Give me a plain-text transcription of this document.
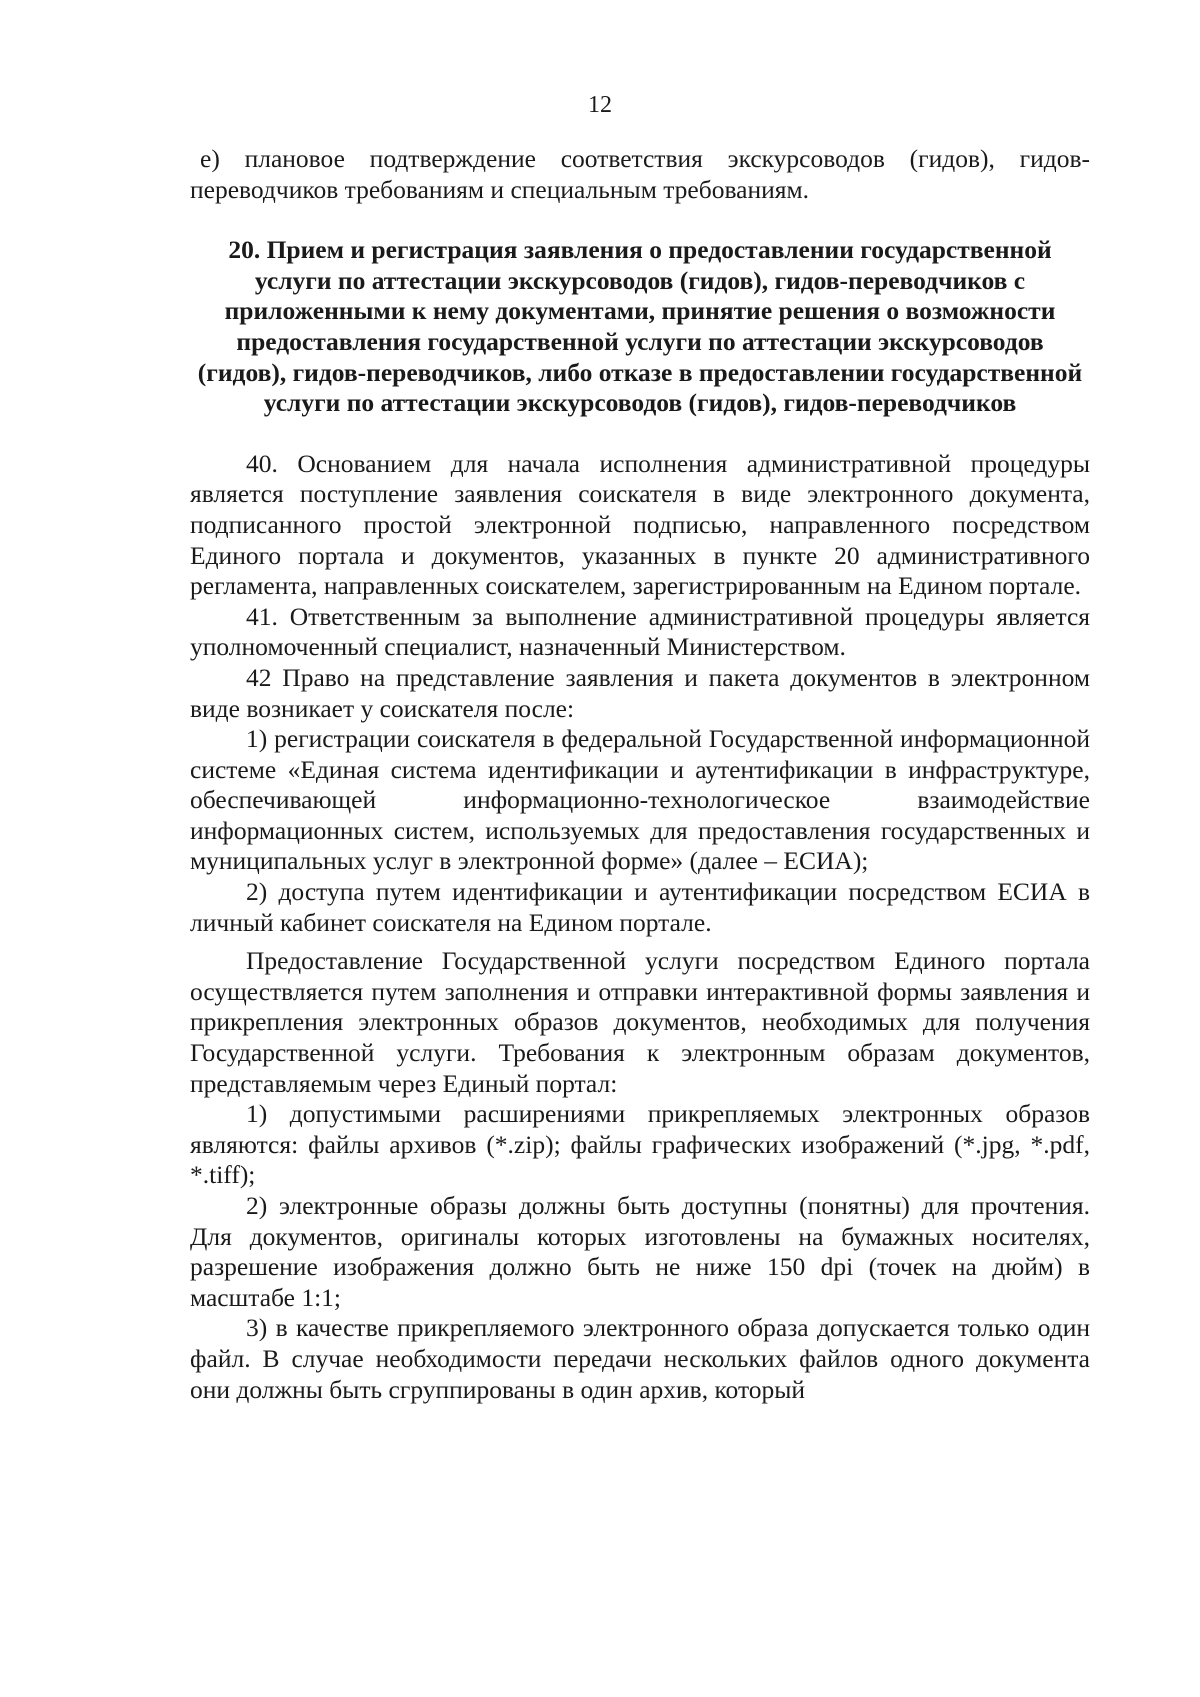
12

е) плановое подтверждение соответствия экскурсоводов (гидов), гидов-переводчиков требованиям и специальным требованиям.

20. Прием и регистрация заявления о предоставлении государственной услуги по аттестации экскурсоводов (гидов), гидов-переводчиков с приложенными к нему документами, принятие решения о возможности предоставления государственной услуги по аттестации экскурсоводов (гидов), гидов-переводчиков, либо отказе в предоставлении государственной услуги по аттестации экскурсоводов (гидов), гидов-переводчиков

40. Основанием для начала исполнения административной процедуры является поступление заявления соискателя в виде электронного документа, подписанного простой электронной подписью, направленного посредством Единого портала и документов, указанных в пункте 20 административного регламента, направленных соискателем, зарегистрированным на Едином портале.

41. Ответственным за выполнение административной процедуры является уполномоченный специалист, назначенный Министерством.

42 Право на представление заявления и пакета документов в электронном виде возникает у соискателя после:

1) регистрации соискателя в федеральной Государственной информационной системе «Единая система идентификации и аутентификации в инфраструктуре, обеспечивающей информационно-технологическое взаимодействие информационных систем, используемых для предоставления государственных и муниципальных услуг в электронной форме» (далее – ЕСИА);

2) доступа путем идентификации и аутентификации посредством ЕСИА в личный кабинет соискателя на Едином портале.

Предоставление Государственной услуги посредством Единого портала осуществляется путем заполнения и отправки интерактивной формы заявления и прикрепления электронных образов документов, необходимых для получения Государственной услуги. Требования к электронным образам документов, представляемым через Единый портал:

1) допустимыми расширениями прикрепляемых электронных образов являются: файлы архивов (*.zip); файлы графических изображений (*.jpg, *.pdf, *.tiff);

2) электронные образы должны быть доступны (понятны) для прочтения. Для документов, оригиналы которых изготовлены на бумажных носителях, разрешение изображения должно быть не ниже 150 dpi (точек на дюйм) в масштабе 1:1;

3) в качестве прикрепляемого электронного образа допускается только один файл. В случае необходимости передачи нескольких файлов одного документа они должны быть сгруппированы в один архив, который
